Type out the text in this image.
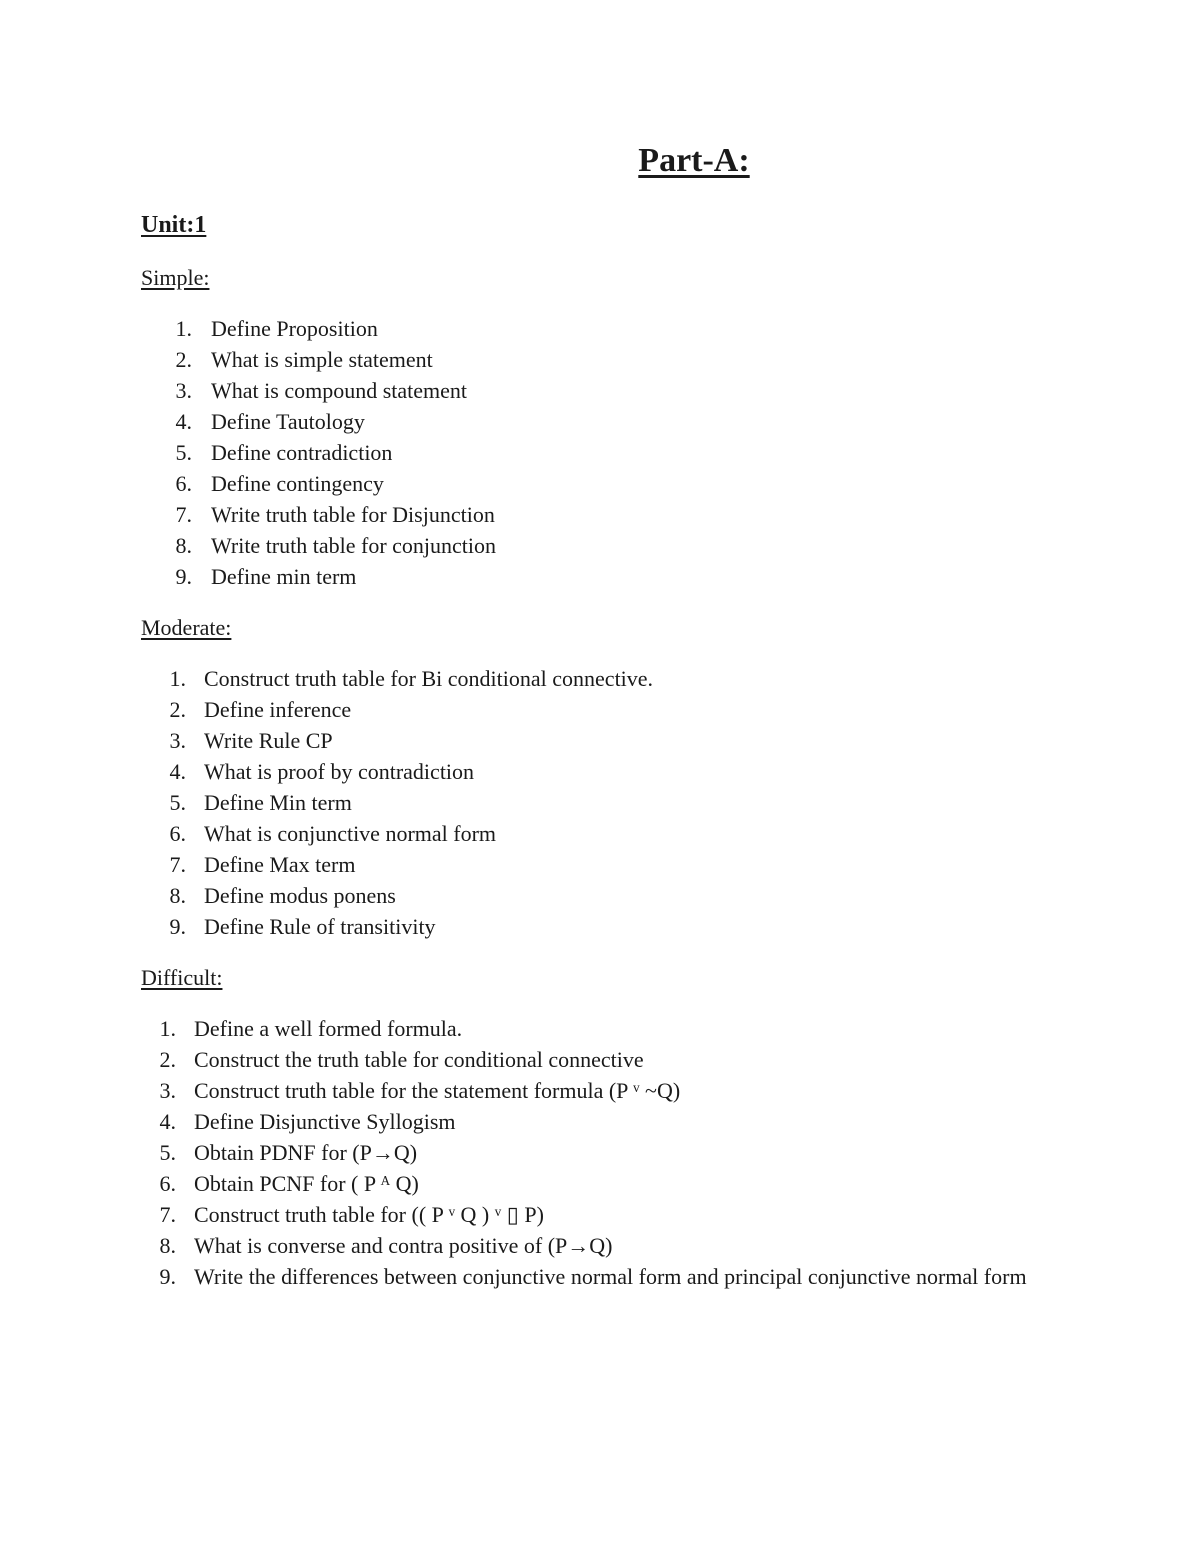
Part-A:
Unit:1
Simple:
1. Define Proposition
2. What is simple statement
3. What is compound statement
4. Define Tautology
5. Define contradiction
6. Define contingency
7. Write truth table for Disjunction
8. Write truth table for conjunction
9. Define min term
Moderate:
1. Construct truth table for Bi conditional connective.
2. Define inference
3. Write Rule CP
4. What is proof by contradiction
5. Define Min term
6. What is conjunctive normal form
7. Define Max term
8. Define modus ponens
9. Define Rule of transitivity
Difficult:
1. Define a well formed formula.
2. Construct the truth table for conditional connective
3. Construct truth table for the statement formula (P ᵛ ~Q)
4. Define Disjunctive Syllogism
5. Obtain PDNF for (P→Q)
6. Obtain PCNF for ( P ᴬ Q)
7. Construct truth table for (( P ᵛ Q ) ᵛ ▯ P)
8. What is converse and contra positive of (P→Q)
9. Write the differences between conjunctive normal form and principal conjunctive normal form
